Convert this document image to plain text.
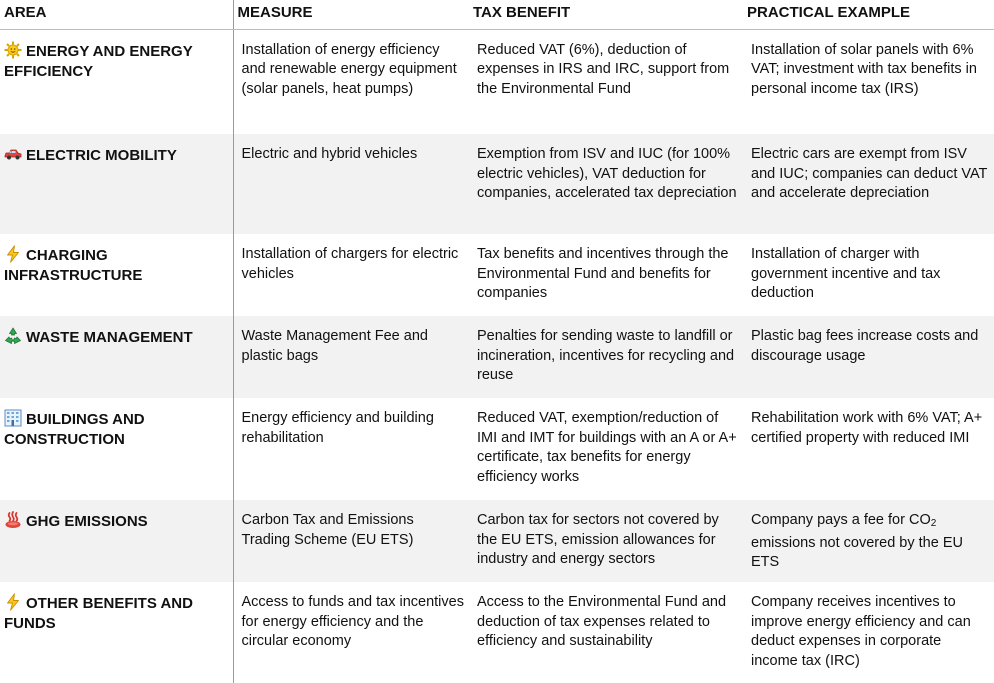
AREA	MEASURE	TAX BENEFIT	PRACTICAL EXAMPLE

ENERGY AND ENERGY EFFICIENCY	Installation of energy efficiency and renewable energy equipment (solar panels, heat pumps)	Reduced VAT (6%), deduction of expenses in IRS and IRC, support from the Environmental Fund	Installation of solar panels with 6% VAT; investment with tax benefits in personal income tax (IRS)

ELECTRIC MOBILITY	Electric and hybrid vehicles	Exemption from ISV and IUC (for 100% electric vehicles), VAT deduction for companies, accelerated tax depreciation	Electric cars are exempt from ISV and IUC; companies can deduct VAT and accelerate depreciation

CHARGING INFRASTRUCTURE	Installation of chargers for electric vehicles	Tax benefits and incentives through the Environmental Fund and benefits for companies	Installation of charger with government incentive and tax deduction

WASTE MANAGEMENT	Waste Management Fee and plastic bags	Penalties for sending waste to landfill or incineration, incentives for recycling and reuse	Plastic bag fees increase costs and discourage usage

BUILDINGS AND CONSTRUCTION	Energy efficiency and building rehabilitation	Reduced VAT, exemption/reduction of IMI and IMT for buildings with an A or A+ certificate, tax benefits for energy efficiency works	Rehabilitation work with 6% VAT; A+ certified property with reduced IMI

GHG EMISSIONS	Carbon Tax and Emissions Trading Scheme (EU ETS)	Carbon tax for sectors not covered by the EU ETS, emission allowances for industry and energy sectors	Company pays a fee for $CO_2$ emissions not covered by the EU ETS

OTHER BENEFITS AND FUNDS	Access to funds and tax incentives for energy efficiency and the circular economy	Access to the Environmental Fund and deduction of tax expenses related to efficiency and sustainability	Company receives incentives to improve energy efficiency and can deduct expenses in corporate income tax (IRC)
